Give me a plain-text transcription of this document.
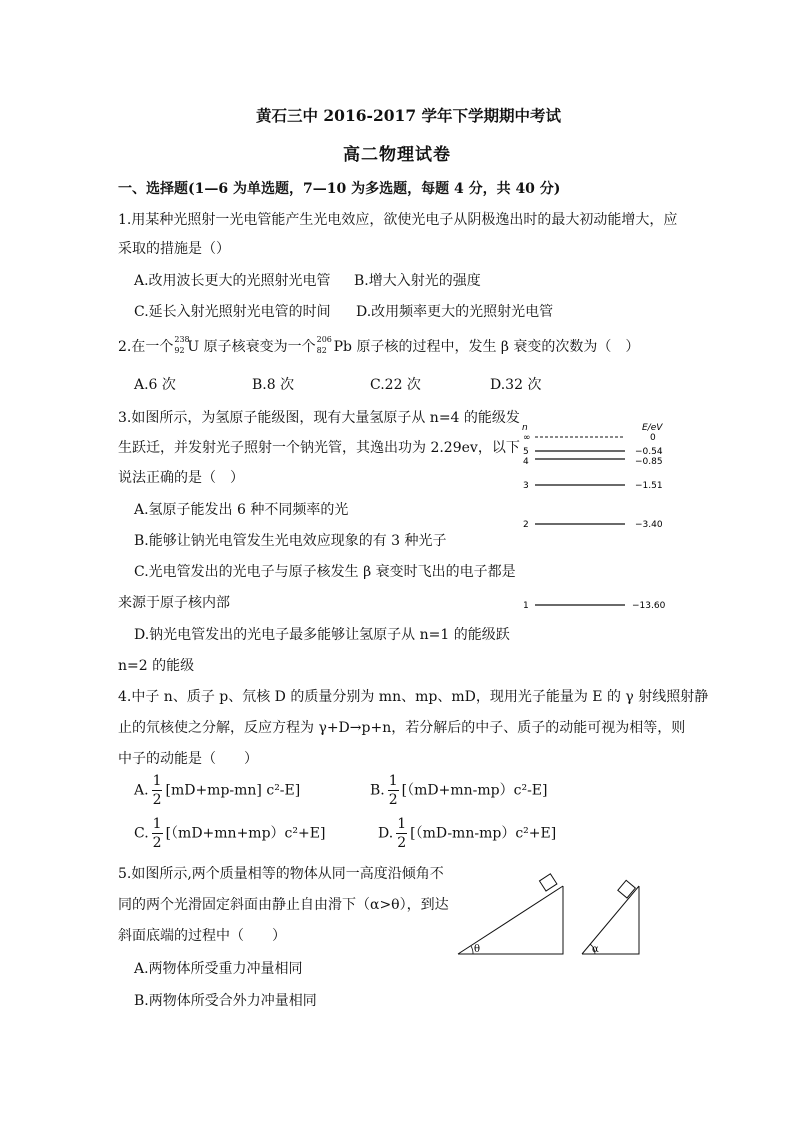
黄石三中 2016-2017 学年下学期期中考试
高二物理试卷
一、选择题(1—6 为单选题，7—10 为多选题，每题 4 分，共 40 分)
1.用某种光照射一光电管能产生光电效应，欲使光电子从阴极逸出时的最大初动能增大，应
采取的措施是（）
A.改用波长更大的光照射光电管 B.增大入射光的强度
C.延长入射光照射光电管的时间 D.改用频率更大的光照射光电管
2.在一个 238
92 U 原子核衰变为一个 206
82 Pb 原子核的过程中，发生 β 衰变的次数为（　）
A.6 次	B.8 次	C.22 次	D.32 次
3.如图所示，为氢原子能级图，现有大量氢原子从 n=4 的能级发
生跃迁，并发射光子照射一个钠光管，其逸出功为 2.29ev，以下
说法正确的是（　）
A.氢原子能发出 6 种不同频率的光
B.能够让钠光电管发生光电效应现象的有 3 种光子
C.光电管发出的光电子与原子核发生 β 衰变时飞出的电子都是
来源于原子核内部
D.钠光电管发出的光电子最多能够让氢原子从 n=1 的能级跃
n=2 的能级
n	E/eV
∞	0
5	−0.54
4	−0.85
3	−1.51
2	−3.40
1	−13.60
4.中子 n、质子 p、氘核 D 的质量分别为 mn、mp、mD，现用光子能量为 E 的 γ 射线照射静
止的氘核使之分解，反应方程为 γ+D→p+n，若分解后的中子、质子的动能可视为相等，则
中子的动能是（　　）
A. $\frac{1}{2} [mD+mp-mn]$ c²-E]	B. $\frac{1}{2} [(mD+mn-mp)c^2-E]$
C. $\frac{1}{2} [(mD+mn+mp)c^2+E]$	D. $\frac{1}{2} [(mD-mn-mp)c^2+E]$
5.如图所示,两个质量相等的物体从同一高度沿倾角不
同的两个光滑固定斜面由静止自由滑下（α>θ），到达
斜面底端的过程中（　　）
A.两物体所受重力冲量相同
B.两物体所受合外力冲量相同
θ	α
